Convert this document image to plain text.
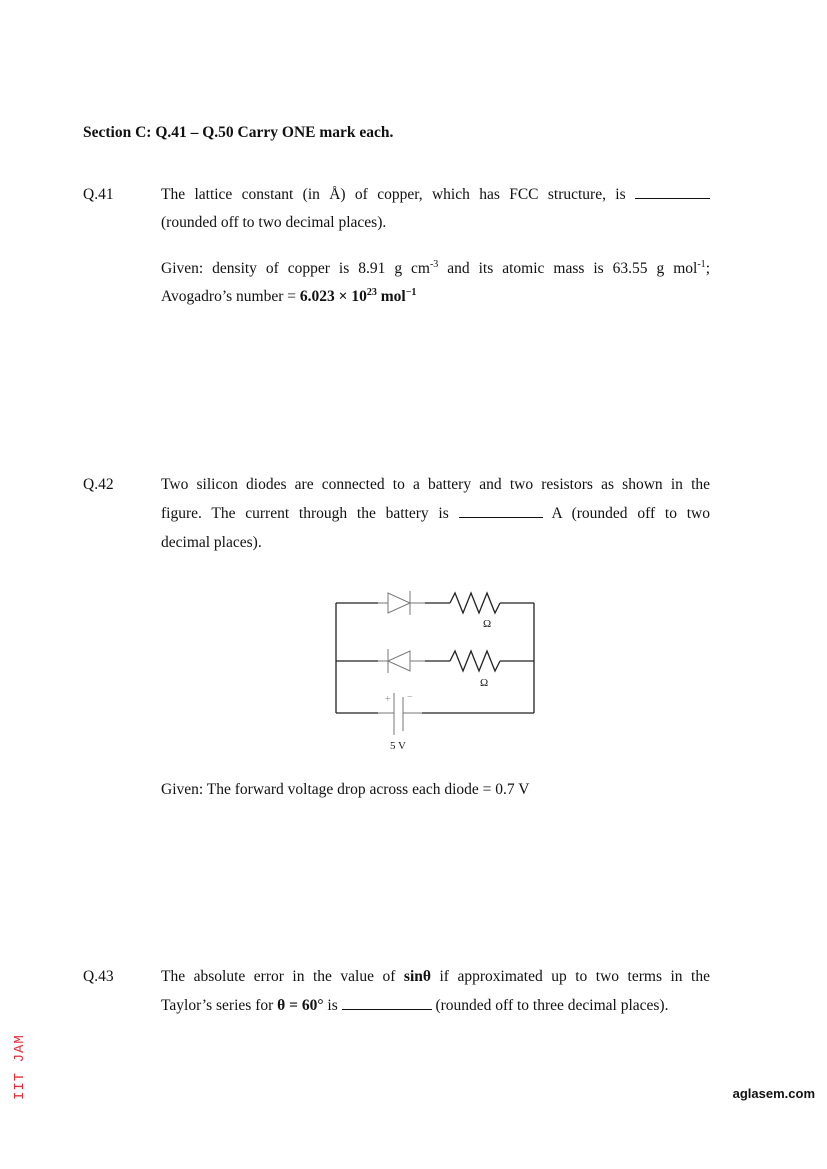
Section C: Q.41 – Q.50 Carry ONE mark each.
Q.41	The lattice constant (in Å) of copper, which has FCC structure, is
(rounded off to two decimal places).
Given: density of copper is 8.91 g $cm^{-3}$ and its atomic mass is 63.55 g mol$^{-1}$;
Avogadro’s number = $6.023 \times 10^{23}$ mol$^{-1}$
Q.42	Two silicon diodes are connected to a battery and two resistors as shown in the
figure. The current through the battery is	A (rounded off to two
decimal places).
Ω
Ω
+ −
5 V
Given: The forward voltage drop across each diode = 0.7 V
Q.43	The absolute error in the value of sinθ if approximated up to two terms in the
Taylor’s series for θ = 60° is	(rounded off to three decimal places).
IIT JAM	aglasem.com
